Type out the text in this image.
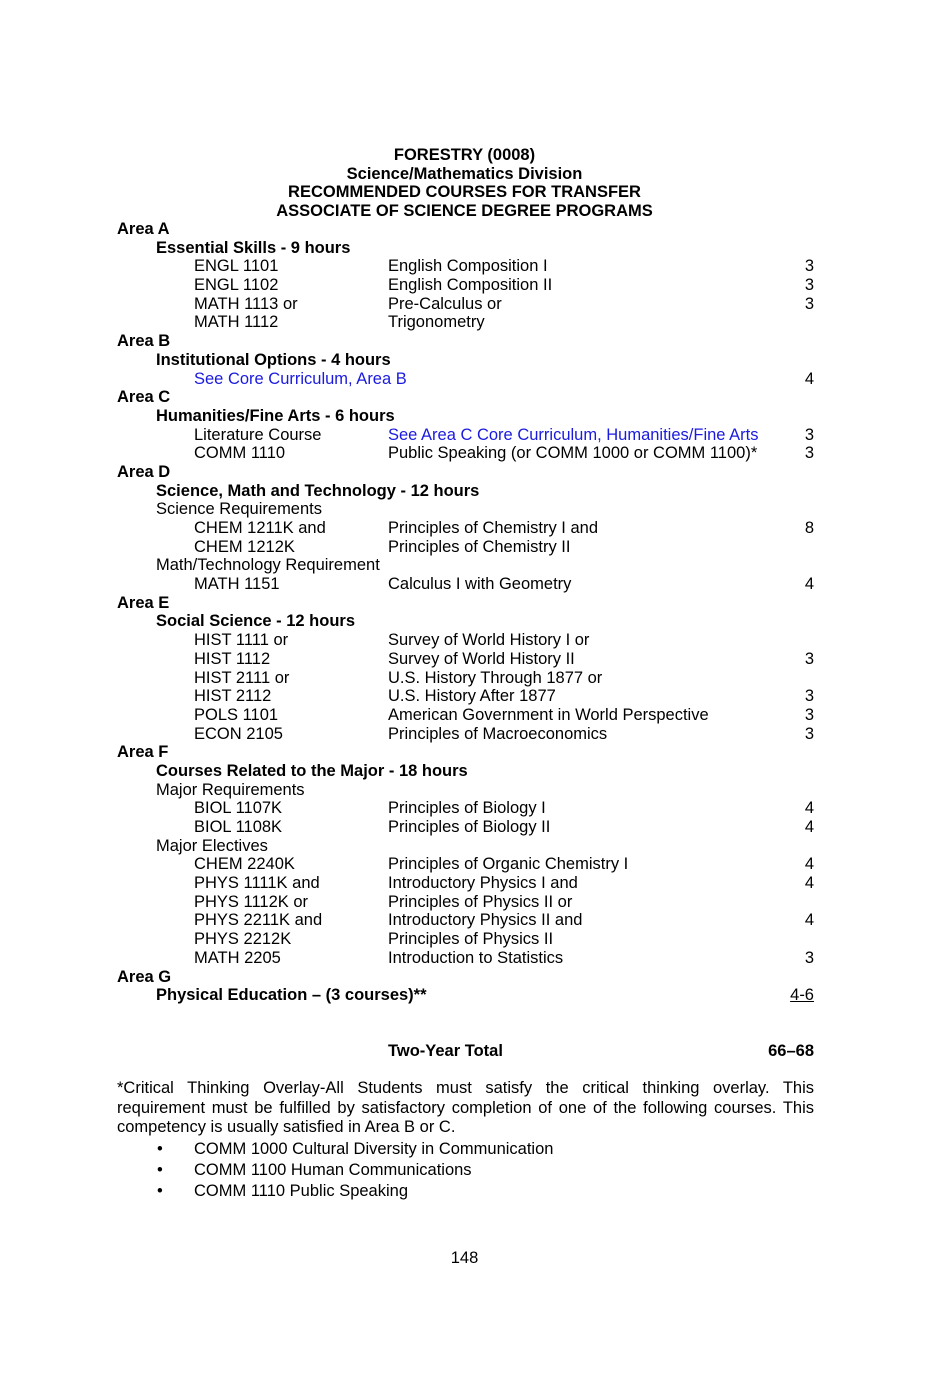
FORESTRY (0008)
Science/Mathematics Division
RECOMMENDED COURSES FOR TRANSFER
ASSOCIATE OF SCIENCE DEGREE PROGRAMS
Area A
Essential Skills - 9 hours
ENGL 1101	English Composition I	3
ENGL 1102	English Composition II	3
MATH 1113 or	Pre-Calculus or	3
MATH 1112	Trigonometry
Area B
Institutional Options - 4 hours
See Core Curriculum, Area B	4
Area C
Humanities/Fine Arts - 6 hours
Literature Course	See Area C Core Curriculum, Humanities/Fine Arts	3
COMM 1110	Public Speaking (or COMM 1000 or COMM 1100)*	3
Area D
Science, Math and Technology - 12 hours
Science Requirements
CHEM 1211K and	Principles of Chemistry I and	8
CHEM 1212K	Principles of Chemistry II
Math/Technology Requirement
MATH 1151	Calculus I with Geometry	4
Area E
Social Science - 12 hours
HIST 1111 or	Survey of World History I or
HIST 1112	Survey of World History II	3
HIST 2111 or	U.S. History Through 1877 or
HIST 2112	U.S. History After 1877	3
POLS 1101	American Government in World Perspective	3
ECON 2105	Principles of Macroeconomics	3
Area F
Courses Related to the Major - 18 hours
Major Requirements
BIOL 1107K	Principles of Biology I	4
BIOL 1108K	Principles of Biology II	4
Major Electives
CHEM 2240K	Principles of Organic Chemistry I	4
PHYS 1111K and	Introductory Physics I and	4
PHYS 1112K or	Principles of Physics II or
PHYS 2211K and	Introductory Physics II and	4
PHYS 2212K	Principles of Physics II
MATH 2205	Introduction to Statistics	3
Area G
Physical Education – (3 courses)**	4-6
Two-Year Total	66–68
*Critical Thinking Overlay-All Students must satisfy the critical thinking overlay. This requirement must be fulfilled by satisfactory completion of one of the following courses. This competency is usually satisfied in Area B or C.
• COMM 1000 Cultural Diversity in Communication
• COMM 1100 Human Communications
• COMM 1110 Public Speaking
148
